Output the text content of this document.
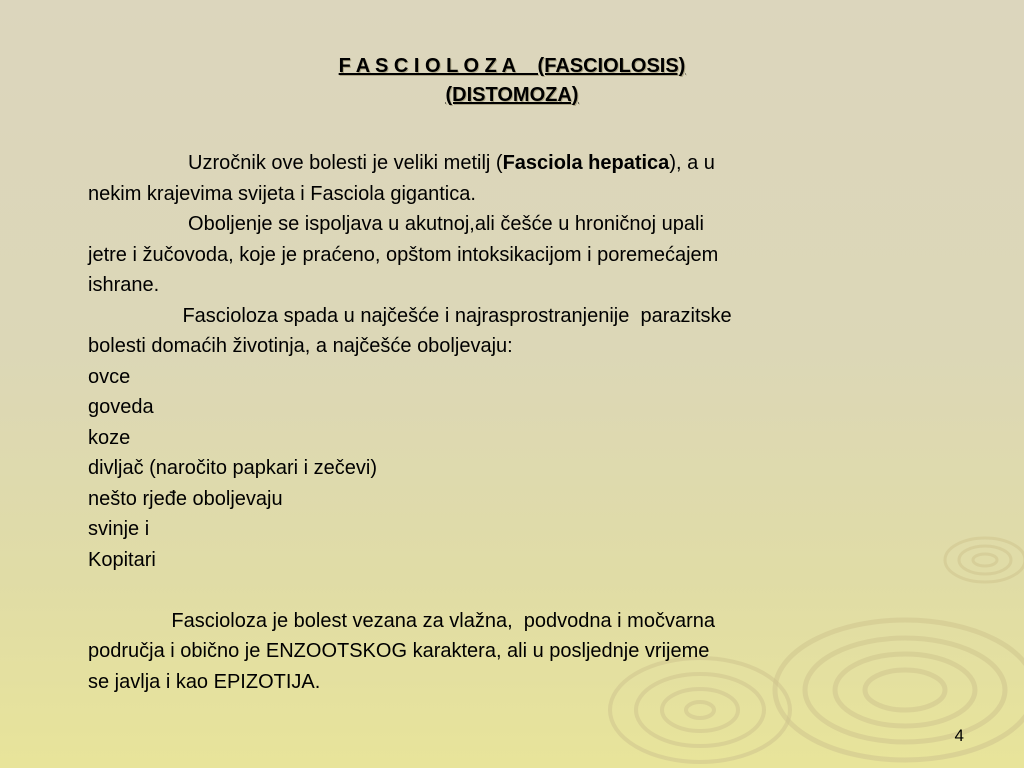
F A S C I O L O Z A    (FASCIOLOSIS)
(DISTOMOZA)
Uzročnik ove bolesti je veliki metilj (Fasciola hepatica), a u
nekim krajevima svijeta i Fasciola gigantica.
Oboljenje se ispoljava u akutnoj,ali češće u hroničnoj upali
jetre i žučovoda, koje je praćeno, opštom intoksikacijom i poremećajem
ishrane.
Fascioloza spada u najčešće i najrasprostranjenije  parazitske
bolesti domaćih životinja, a najčešće oboljevaju:
ovce
goveda
koze
divljač (naročito papkari i zečevi)
nešto rjeđe oboljevaju
svinje i
Kopitari
Fascioloza je bolest vezana za vlažna,  podvodna i močvarna
područja i obično je ENZOOTSKOG karaktera, ali u posljednje vrijeme
se javlja i kao EPIZOTIJA.
4
